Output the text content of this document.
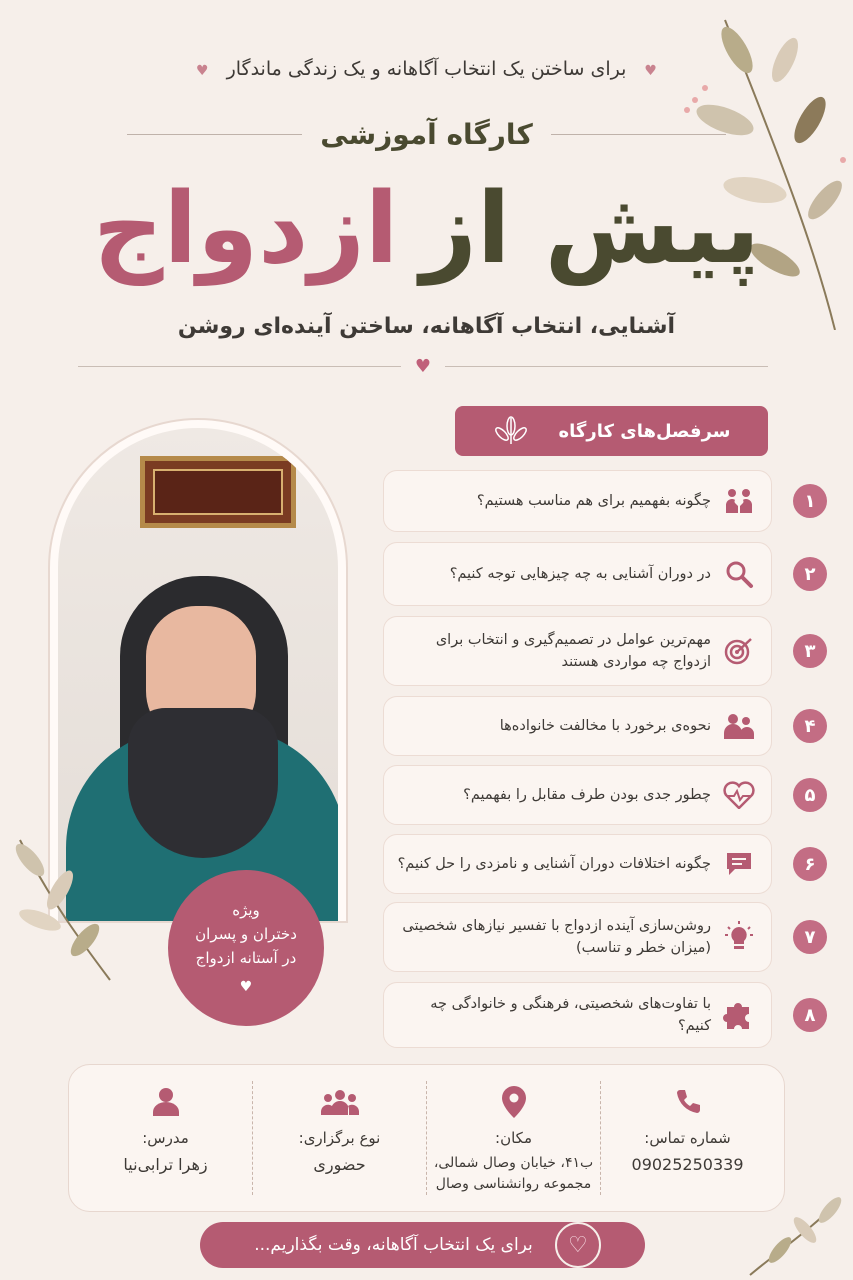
♥برای ساختن یک انتخاب آگاهانه و یک زندگی ماندگار♥
کارگاه آموزشی
پیش ازازدواج
آشنایی، انتخاب آگاهانه، ساختن آینده‌ای روشن
♥
ویژه
دختران و پسران
در آستانه ازدواج
♥
سرفصل‌های کارگاه
۱
چگونه بفهمیم برای هم مناسب هستیم؟
۲
در دوران آشنایی به چه چیزهایی توجه کنیم؟
۳
مهم‌ترین عوامل در تصمیم‌گیری و انتخاب برای ازدواج چه مواردی هستند
۴
نحوه‌ی برخورد با مخالفت خانواده‌ها
۵
چطور جدی بودن طرف مقابل را بفهمیم؟
۶
چگونه اختلافات دوران آشنایی و نامزدی را حل کنیم؟
۷
روشن‌سازی آینده ازدواج با تفسیر نیازهای شخصیتی (میزان خطر و تناسب)
۸
با تفاوت‌های شخصیتی، فرهنگی و خانوادگی چه کنیم؟
شماره تماس:
09025250339
مکان:
ب۴۱، خیابان وصال شمالی،
مجموعه روانشناسی وصال
نوع برگزاری:
حضوری
مدرس:
زهرا ترابی‌نیا
♡
برای یک انتخاب آگاهانه، وقت بگذاریم...
